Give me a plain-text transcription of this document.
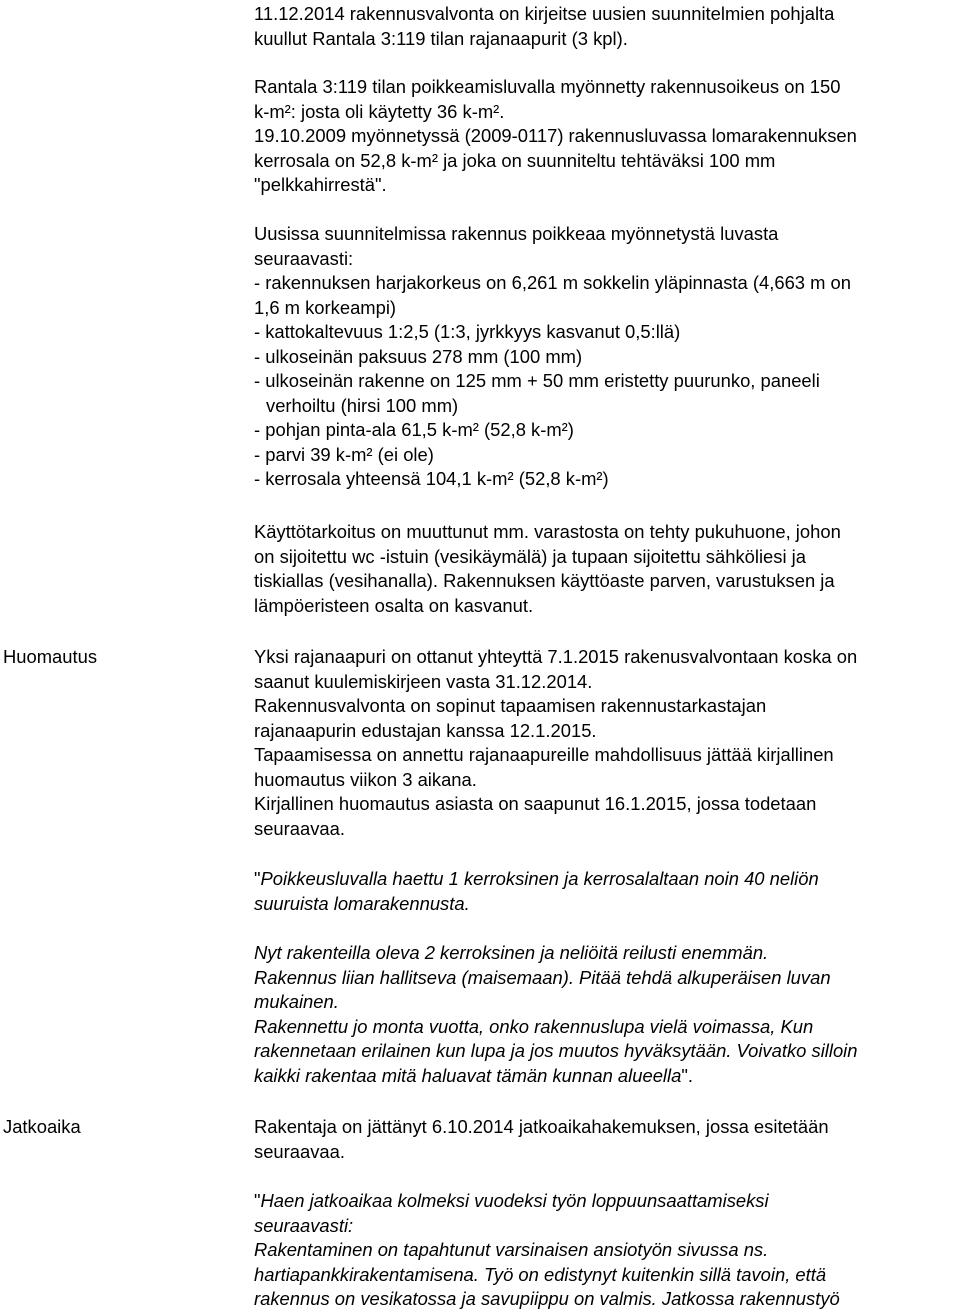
11.12.2014 rakennusvalvonta on kirjeitse uusien suunnitelmien pohjalta
kuullut Rantala 3:119 tilan rajanaapurit (3 kpl).
Rantala 3:119 tilan poikkeamisluvalla myönnetty rakennusoikeus on 150
k-m²: josta oli käytetty 36 k-m².
19.10.2009 myönnetyssä (2009-0117) rakennusluvassa lomarakennuksen
kerrosala on 52,8 k-m² ja joka on suunniteltu tehtäväksi 100 mm
"pelkkahirrestä".
Uusissa suunnitelmissa rakennus poikkeaa myönnetystä luvasta
seuraavasti:
- rakennuksen harjakorkeus on 6,261 m sokkelin yläpinnasta (4,663 m on
1,6 m korkeampi)
- kattokaltevuus 1:2,5 (1:3, jyrkkyys kasvanut 0,5:llä)
- ulkoseinän paksuus 278 mm (100 mm)
- ulkoseinän rakenne on 125 mm + 50 mm eristetty puurunko, paneeli
verhoiltu (hirsi 100 mm)
- pohjan pinta-ala 61,5 k-m² (52,8 k-m²)
- parvi 39 k-m² (ei ole)
- kerrosala yhteensä 104,1 k-m² (52,8 k-m²)
Käyttötarkoitus on muuttunut mm. varastosta on tehty pukuhuone, johon
on sijoitettu wc -istuin (vesikäymälä) ja tupaan sijoitettu sähköliesi ja
tiskiallas (vesihanalla). Rakennuksen käyttöaste parven, varustuksen ja
lämpöeristeen osalta on kasvanut.
Huomautus	Yksi rajanaapuri on ottanut yhteyttä 7.1.2015 rakenusvalvontaan koska on
saanut kuulemiskirjeen vasta 31.12.2014.
Rakennusvalvonta on sopinut tapaamisen rakennustarkastajan
rajanaapurin edustajan kanssa 12.1.2015.
Tapaamisessa on annettu rajanaapureille mahdollisuus jättää kirjallinen
huomautus viikon 3 aikana.
Kirjallinen huomautus asiasta on saapunut 16.1.2015, jossa todetaan
seuraavaa.
"Poikkeusluvalla haettu 1 kerroksinen ja kerrosalaltaan noin 40 neliön
suuruista lomarakennusta.
Nyt rakenteilla oleva 2 kerroksinen ja neliöitä reilusti enemmän.
Rakennus liian hallitseva (maisemaan). Pitää tehdä alkuperäisen luvan
mukainen.
Rakennettu jo monta vuotta, onko rakennuslupa vielä voimassa, Kun
rakennetaan erilainen kun lupa ja jos muutos hyväksytään. Voivatko silloin
kaikki rakentaa mitä haluavat tämän kunnan alueella".
Jatkoaika	Rakentaja on jättänyt 6.10.2014 jatkoaikahakemuksen, jossa esitetään
seuraavaa.
"Haen jatkoaikaa kolmeksi vuodeksi työn loppuunsaattamiseksi
seuraavasti:
Rakentaminen on tapahtunut varsinaisen ansiotyön sivussa ns.
hartiapankkirakentamisena. Työ on edistynyt kuitenkin sillä tavoin, että
rakennus on vesikatossa ja savupiippu on valmis. Jatkossa rakennustyö
